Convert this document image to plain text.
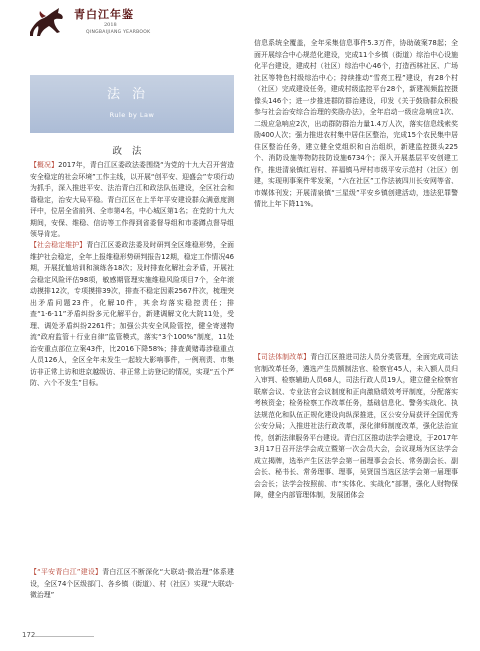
青白江年鉴
2018
QINGBAIJIANG YEARBOOK
法治
Rule by Law
政法

【概况】2017年，青白江区委政法委围绕“为党的十九大召开营造安全稳定的社会环境”工作主线，以开展“创平安、迎盛会”专项行动为抓手，深入推进平安、法治青白江和政法队伍建设，全区社会和谐稳定，治安大局平稳。青白江区在上半年平安建设群众满意度测评中，位居全省前列、全市第4名，中心城区第1名；在党的十九大期间，安保、维稳、信访等工作得到省委督导组和市委蹲点督导组领导肯定。

【社会稳定维护】青白江区委政法委及时研判全区维稳形势，全面维护社会稳定，全年上报维稳形势研判报告12期，稳定工作情况46期，开展抚恤培训和演练各18次；及时排查化解社会矛盾，开展社会稳定风险评估98项，敏感期管理实施维稳风险项目7个，全年滚动摸排12次，专项摸排39次，排查不稳定因素2567件次，梳理突出矛盾问题23件，化解10件，其余均落实稳控责任；排查“1·6·11”矛盾纠纷多元化解平台，新建调解文化大院11处，受理、调处矛盾纠纷2261件；加强公共安全风险管控，健全寄递物流“政府监管＋行业自律”监管模式，落实“3个100%”制度，11处治安重点部位立案43件，比2016下降58%；排查黄赌毒涉稳重点人员126人，全区全年未发生一起较大影响事件，一例刑责、市集访非正常上访和进京越级访、非正常上访登记的情况，实现“五个严防、六个不发生”目标。

【“平安青白江”建设】青白江区不断深化“大联动·微治理”体系建设，全区74个区级部门、各乡镇（街道）、村（社区）实现“大联动·微治理”

信息系统全覆盖，全年采集信息事件5.3万件，协助破案78起；全面开展综合中心规范化建设，完成11个乡镇（街道）综治中心设施化平台建设，建成村（社区）综治中心46个，打造西林社区、广场社区等特色村级综治中心；持续推动“雪亮工程”建设，有28个村（社区）完成建设任务，建成村级监控平台28个，新建视频监控摄像头146个；进一步推进群防群治建设，印发《关于鼓励群众积极参与社会治安综合治理的奖励办法》，全年启动一级应急响应1次、二级应急响应2次，出动群防群治力量1.4万人次，落实信息线索奖励400人次；强力推进农村集中居住区整治，完成15个农民集中居住区整治任务，建立健全党组织和自治组织，新建监控摄头225个、消防设施等物防技防设施6734个；深入开展基层平安创建工作，推进清泉镇红岩村、祥福镇马坪村市级平安示范村（社区）创建，实现刑事案件零发案，“六在社区”工作法被四川长安网等省、市媒体刊发；开展清泉镇“三星级”平安乡镇创建活动，违法犯罪警情比上年下降11%。

【司法体制改革】青白江区推进司法人员分类管理，全面完成司法官制改革任务，遴选产生员额制法官、检察官45人，未入额人员归入审判、检察辅助人员68人，司法行政人员19人，建立健全检察官联席会议、专业法官会议制度和正向激励绩效考评制度，分配落实考核资金；检务检察工作改革任务，基础信息化、警务实战化、执法规范化和队伍正规化建设向纵深推进，区公安分局获评全国优秀公安分局；入推进社法行政改革，深化律师制度改革，强化法治宣传，创新法律服务平台建设。青白江区推动法学会建设，于2017年3月17日召开法学会成立暨第一次会员大会，会议现场为区法学会成立揭牌，选举产生区法学会第一届理事会会长、常务副会长、副会长、秘书长、常务理事、理事，吴贤国当选区法学会第一届理事会会长；法学会按照前、市“实体化、实战化”部署，强化人财物保障，健全内部管理体制，发展团体会

172
